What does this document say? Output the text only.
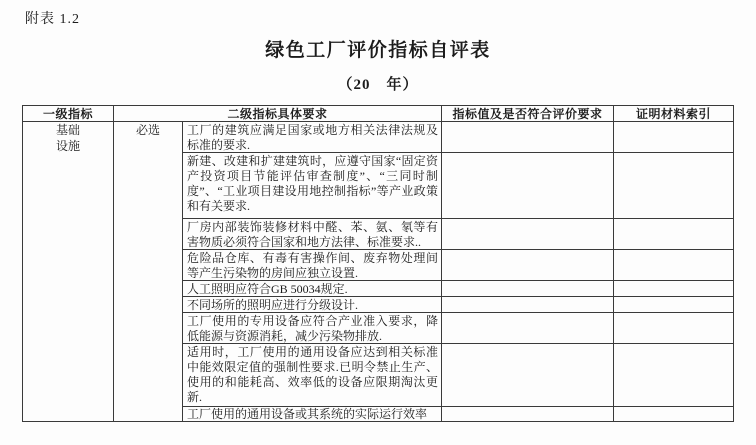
附表 1.2
绿色工厂评价指标自评表
（20　年）
一级指标	二级指标具体要求		指标值及是否符合评价要求	证明材料索引
基础
设施	必选	工厂的建筑应满足国家或地方相关法律法规及标准的要求.		

		新建、改建和扩建建筑时，应遵守国家“固定资产投资项目节能评估审查制度”、“三同时制度”、“工业项目建设用地控制指标”等产业政策和有关要求.		

		厂房内部装饰装修材料中醛、苯、氨、氡等有害物质必须符合国家和地方法律、标准要求..		

		危险品仓库、有毒有害操作间、废弃物处理间等产生污染物的房间应独立设置.		

		人工照明应符合GB 50034规定.		

		不同场所的照明应进行分级设计.		

		工厂使用的专用设备应符合产业准入要求，降低能源与资源消耗，减少污染物排放.		

		适用时，工厂使用的通用设备应达到相关标准中能效限定值的强制性要求.已明令禁止生产、使用的和能耗高、效率低的设备应限期淘汰更新.		

		工厂使用的通用设备或其系统的实际运行效率		
